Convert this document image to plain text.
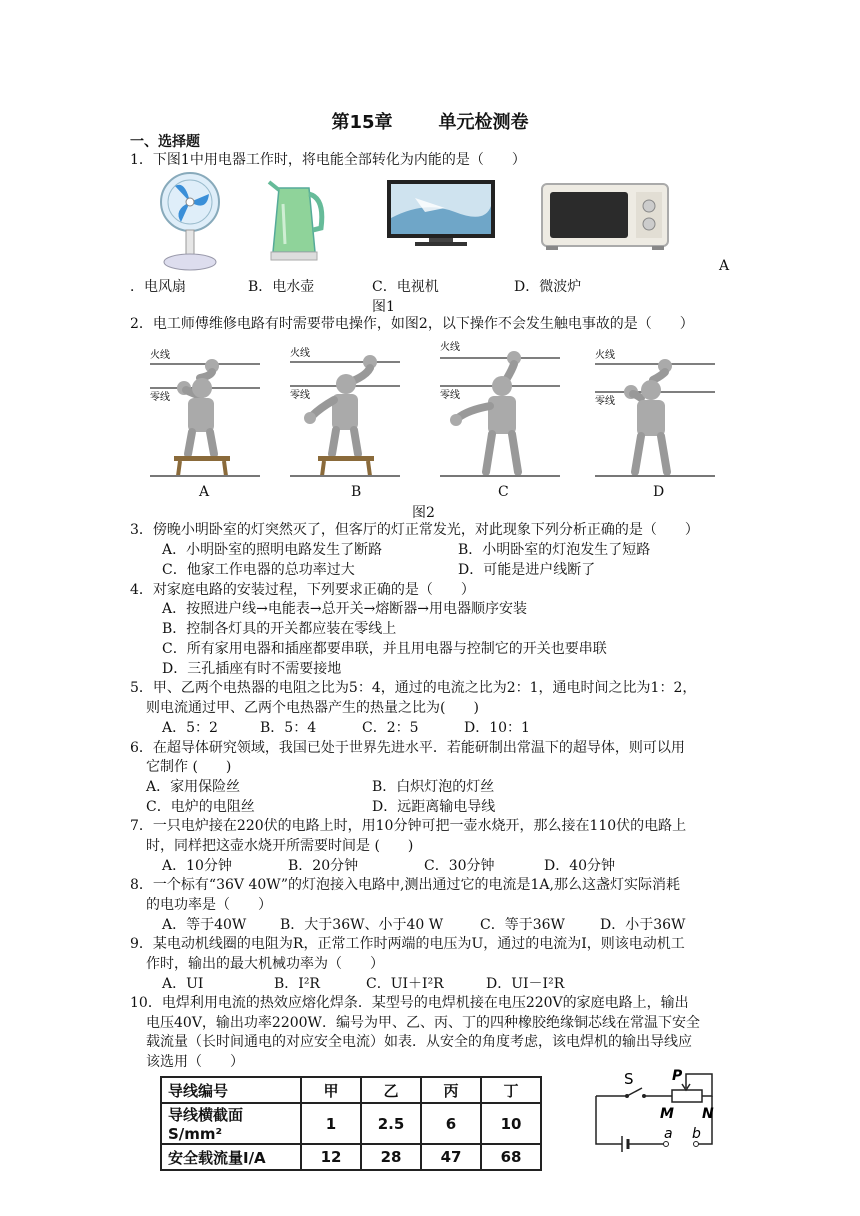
第15章	单元检测卷
一、选择题
1．下图1中用电器工作时，将电能全部转化为内能的是（　　）
A
．电风扇	B．电水壶	C．电视机	D．微波炉
图1
2．电工师傅维修电路有时需要带电操作，如图2，以下操作不会发生触电事故的是（　　）
火线
零线
火线
零线
火线
零线
火线
零线
A	B	C	D
图2
3．傍晚小明卧室的灯突然灭了，但客厅的灯正常发光，对此现象下列分析正确的是（　　）
A．小明卧室的照明电路发生了断路	B．小明卧室的灯泡发生了短路
C．他家工作电器的总功率过大	D．可能是进户线断了
4．对家庭电路的安装过程，下列要求正确的是（　　）
A．按照进户线→电能表→总开关→熔断器→用电器顺序安装
B．控制各灯具的开关都应装在零线上
C．所有家用电器和插座都要串联，并且用电器与控制它的开关也要串联
D．三孔插座有时不需要接地
5．甲、乙两个电热器的电阻之比为5：4，通过的电流之比为2：1，通电时间之比为1：2，
则电流通过甲、乙两个电热器产生的热量之比为(　　)
A．5：2	B．5：4	C．2：5	D．10：1
6．在超导体研究领域，我国已处于世界先进水平．若能研制出常温下的超导体，则可以用
它制作 (　　)
A．家用保险丝	B．白炽灯泡的灯丝
C．电炉的电阻丝	D．远距离输电导线
7．一只电炉接在220伏的电路上时，用10分钟可把一壶水烧开，那么接在110伏的电路上
时，同样把这壶水烧开所需要时间是 (　　)
A．10分钟	B．20分钟	C．30分钟	D．40分钟
8．一个标有“36V 40W”的灯泡接入电路中,测出通过它的电流是1A,那么这盏灯实际消耗
的电功率是（　　）
A．等于40W B．大于36W、小于40 W	C．等于36W	D．小于36W
9．某电动机线圈的电阻为R，正常工作时两端的电压为U，通过的电流为I，则该电动机工
作时，输出的最大机械功率为（　　）
A．UI	B．I²R	C．UI＋I²R	D．UI－I²R
10．电焊利用电流的热效应熔化焊条．某型号的电焊机接在电压220V的家庭电路上，输出
电压40V，输出功率2200W．编号为甲、乙、丙、丁的四种橡胶绝缘铜芯线在常温下安全
载流量（长时间通电的对应安全电流）如表．从安全的角度考虑，该电焊机的输出导线应
该选用（　　）
导线编号	甲	乙	丙	丁
导线横截面S/mm²	1	2.5	6	10
安全载流量I/A	12	28	47	68
S	P
M N
a b
